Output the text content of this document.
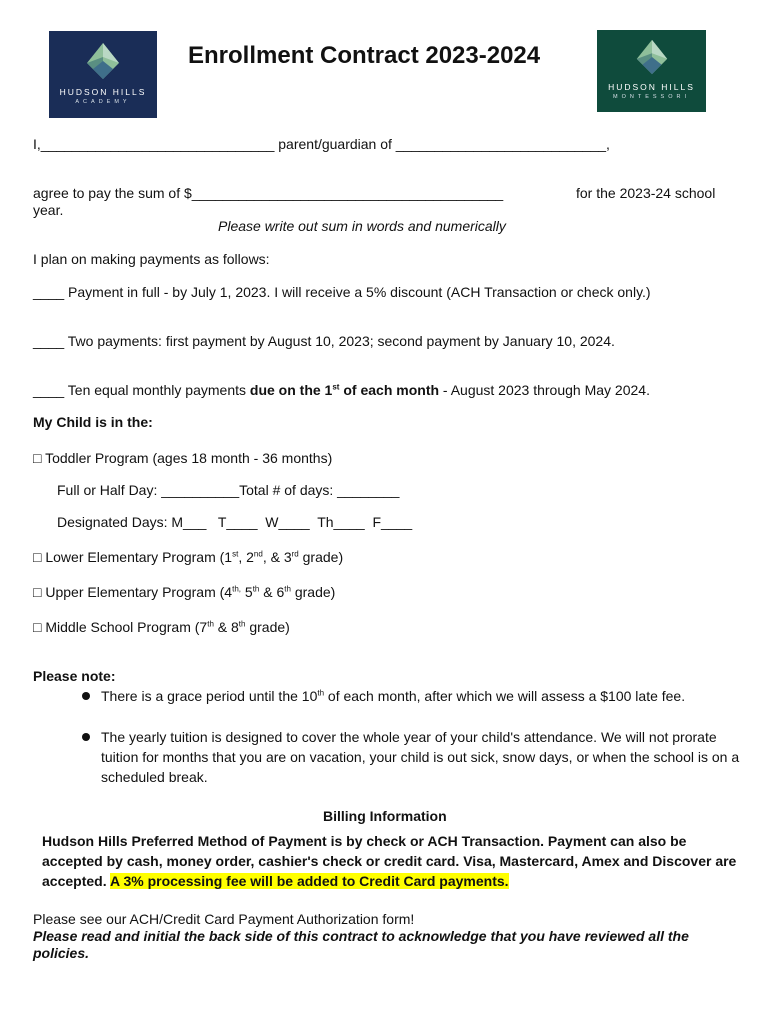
HUDSON HILLS
ACADEMY
Enrollment Contract 2023-2024
HUDSON HILLS
MONTESSORI
I,______________________________ parent/guardian of ___________________________,
agree to pay the sum of $________________________________________	for the 2023-24 school
year.
Please write out sum in words and numerically
I plan on making payments as follows:
____ Payment in full - by July 1, 2023. I will receive a 5% discount (ACH Transaction or check only.)
____ Two payments: first payment by August 10, 2023; second payment by January 10, 2024.
____ Ten equal monthly payments due on the 1st of each month - August 2023 through May 2024.
My Child is in the:
□ Toddler Program (ages 18 month - 36 months)
Full or Half Day: __________Total # of days: ________
Designated Days: M___   T____  W____  Th____  F____
□ Lower Elementary Program (1st, 2nd, & 3rd grade)
□ Upper Elementary Program ($4^{th,}$ 5th & 6th grade)
□ Middle School Program (7th & 8th grade)
Please note:
There is a grace period until the 10th of each month, after which we will assess a $100 late fee.
The yearly tuition is designed to cover the whole year of your child's attendance. We will not prorate tuition for months that you are on vacation, your child is out sick, snow days, or when the school is on a scheduled break.
Billing Information
Hudson Hills Preferred Method of Payment is by check or ACH Transaction. Payment can also be accepted by cash, money order, cashier's check or credit card. Visa, Mastercard, Amex and Discover are accepted. A 3% processing fee will be added to Credit Card payments.
Please see our ACH/Credit Card Payment Authorization form!
Please read and initial the back side of this contract to acknowledge that you have reviewed all the policies.
